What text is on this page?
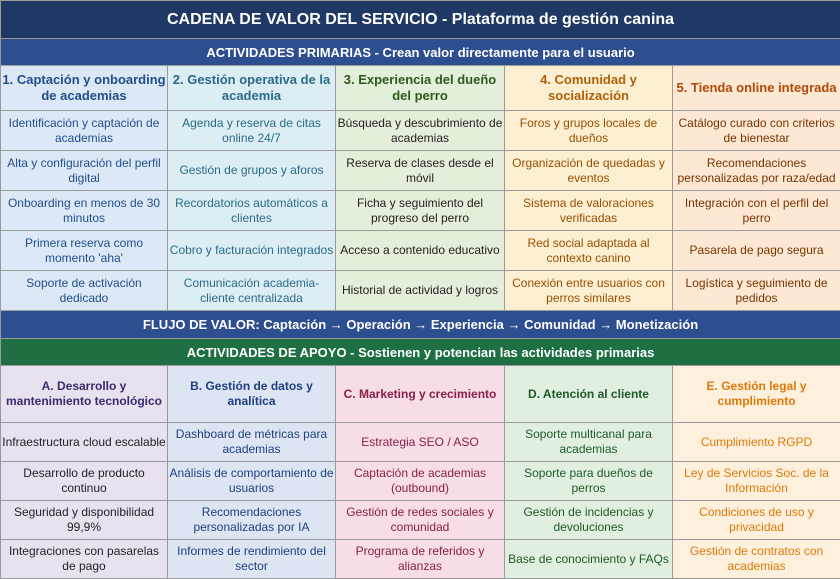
CADENA DE VALOR DEL SERVICIO - Plataforma de gestión canina				
ACTIVIDADES PRIMARIAS - Crean valor directamente para el usuario				
1. Captación y onboarding de academias	2. Gestión operativa de la academia	3. Experiencia del dueño del perro	4. Comunidad y socialización	5. Tienda online integrada
Identificación y captación de academias	Agenda y reserva de citas online 24/7	Búsqueda y descubrimiento de academias	Foros y grupos locales de dueños	Catálogo curado con criterios de bienestar
Alta y configuración del perfil digital	Gestión de grupos y aforos	Reserva de clases desde el móvil	Organización de quedadas y eventos	Recomendaciones personalizadas por raza/edad
Onboarding en menos de 30 minutos	Recordatorios automáticos a clientes	Ficha y seguimiento del progreso del perro	Sistema de valoraciones verificadas	Integración con el perfil del perro
Primera reserva como momento 'aha'	Cobro y facturación integrados	Acceso a contenido educativo	Red social adaptada al contexto canino	Pasarela de pago segura
Soporte de activación dedicado	Comunicación academia-cliente centralizada	Historial de actividad y logros	Conexión entre usuarios con perros similares	Logística y seguimiento de pedidos
FLUJO DE VALOR: Captación → Operación → Experiencia → Comunidad → Monetización				
ACTIVIDADES DE APOYO - Sostienen y potencian las actividades primarias				
A. Desarrollo y mantenimiento tecnológico	B. Gestión de datos y analítica	C. Marketing y crecimiento	D. Atención al cliente	E. Gestión legal y cumplimiento
Infraestructura cloud escalable	Dashboard de métricas para academias	Estrategia SEO / ASO	Soporte multicanal para academias	Cumplimiento RGPD
Desarrollo de producto continuo	Análisis de comportamiento de usuarios	Captación de academias (outbound)	Soporte para dueños de perros	Ley de Servicios Soc. de la Información
Seguridad y disponibilidad 99,9%	Recomendaciones personalizadas por IA	Gestión de redes sociales y comunidad	Gestión de incidencias y devoluciones	Condiciones de uso y privacidad
Integraciones con pasarelas de pago	Informes de rendimiento del sector	Programa de referidos y alianzas	Base de conocimiento y FAQs	Gestión de contratos con academias
